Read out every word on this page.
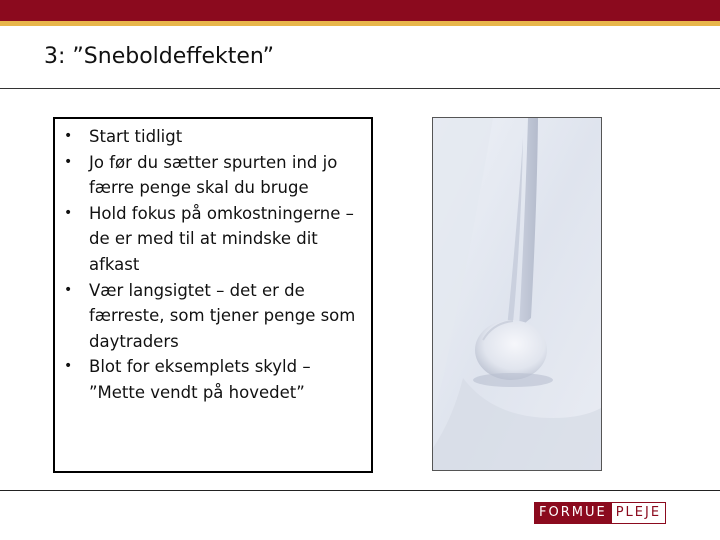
3: ”Sneboldeffekten”
• Start tidligt
• Jo før du sætter spurten ind jo færre penge skal du bruge
• Hold fokus på omkostningerne – de er med til at mindske dit afkast
• Vær langsigtet – det er de færreste, som tjener penge som daytraders
• Blot for eksemplets skyld – ”Mette vendt på hovedet”
FORMUE PLEJE
